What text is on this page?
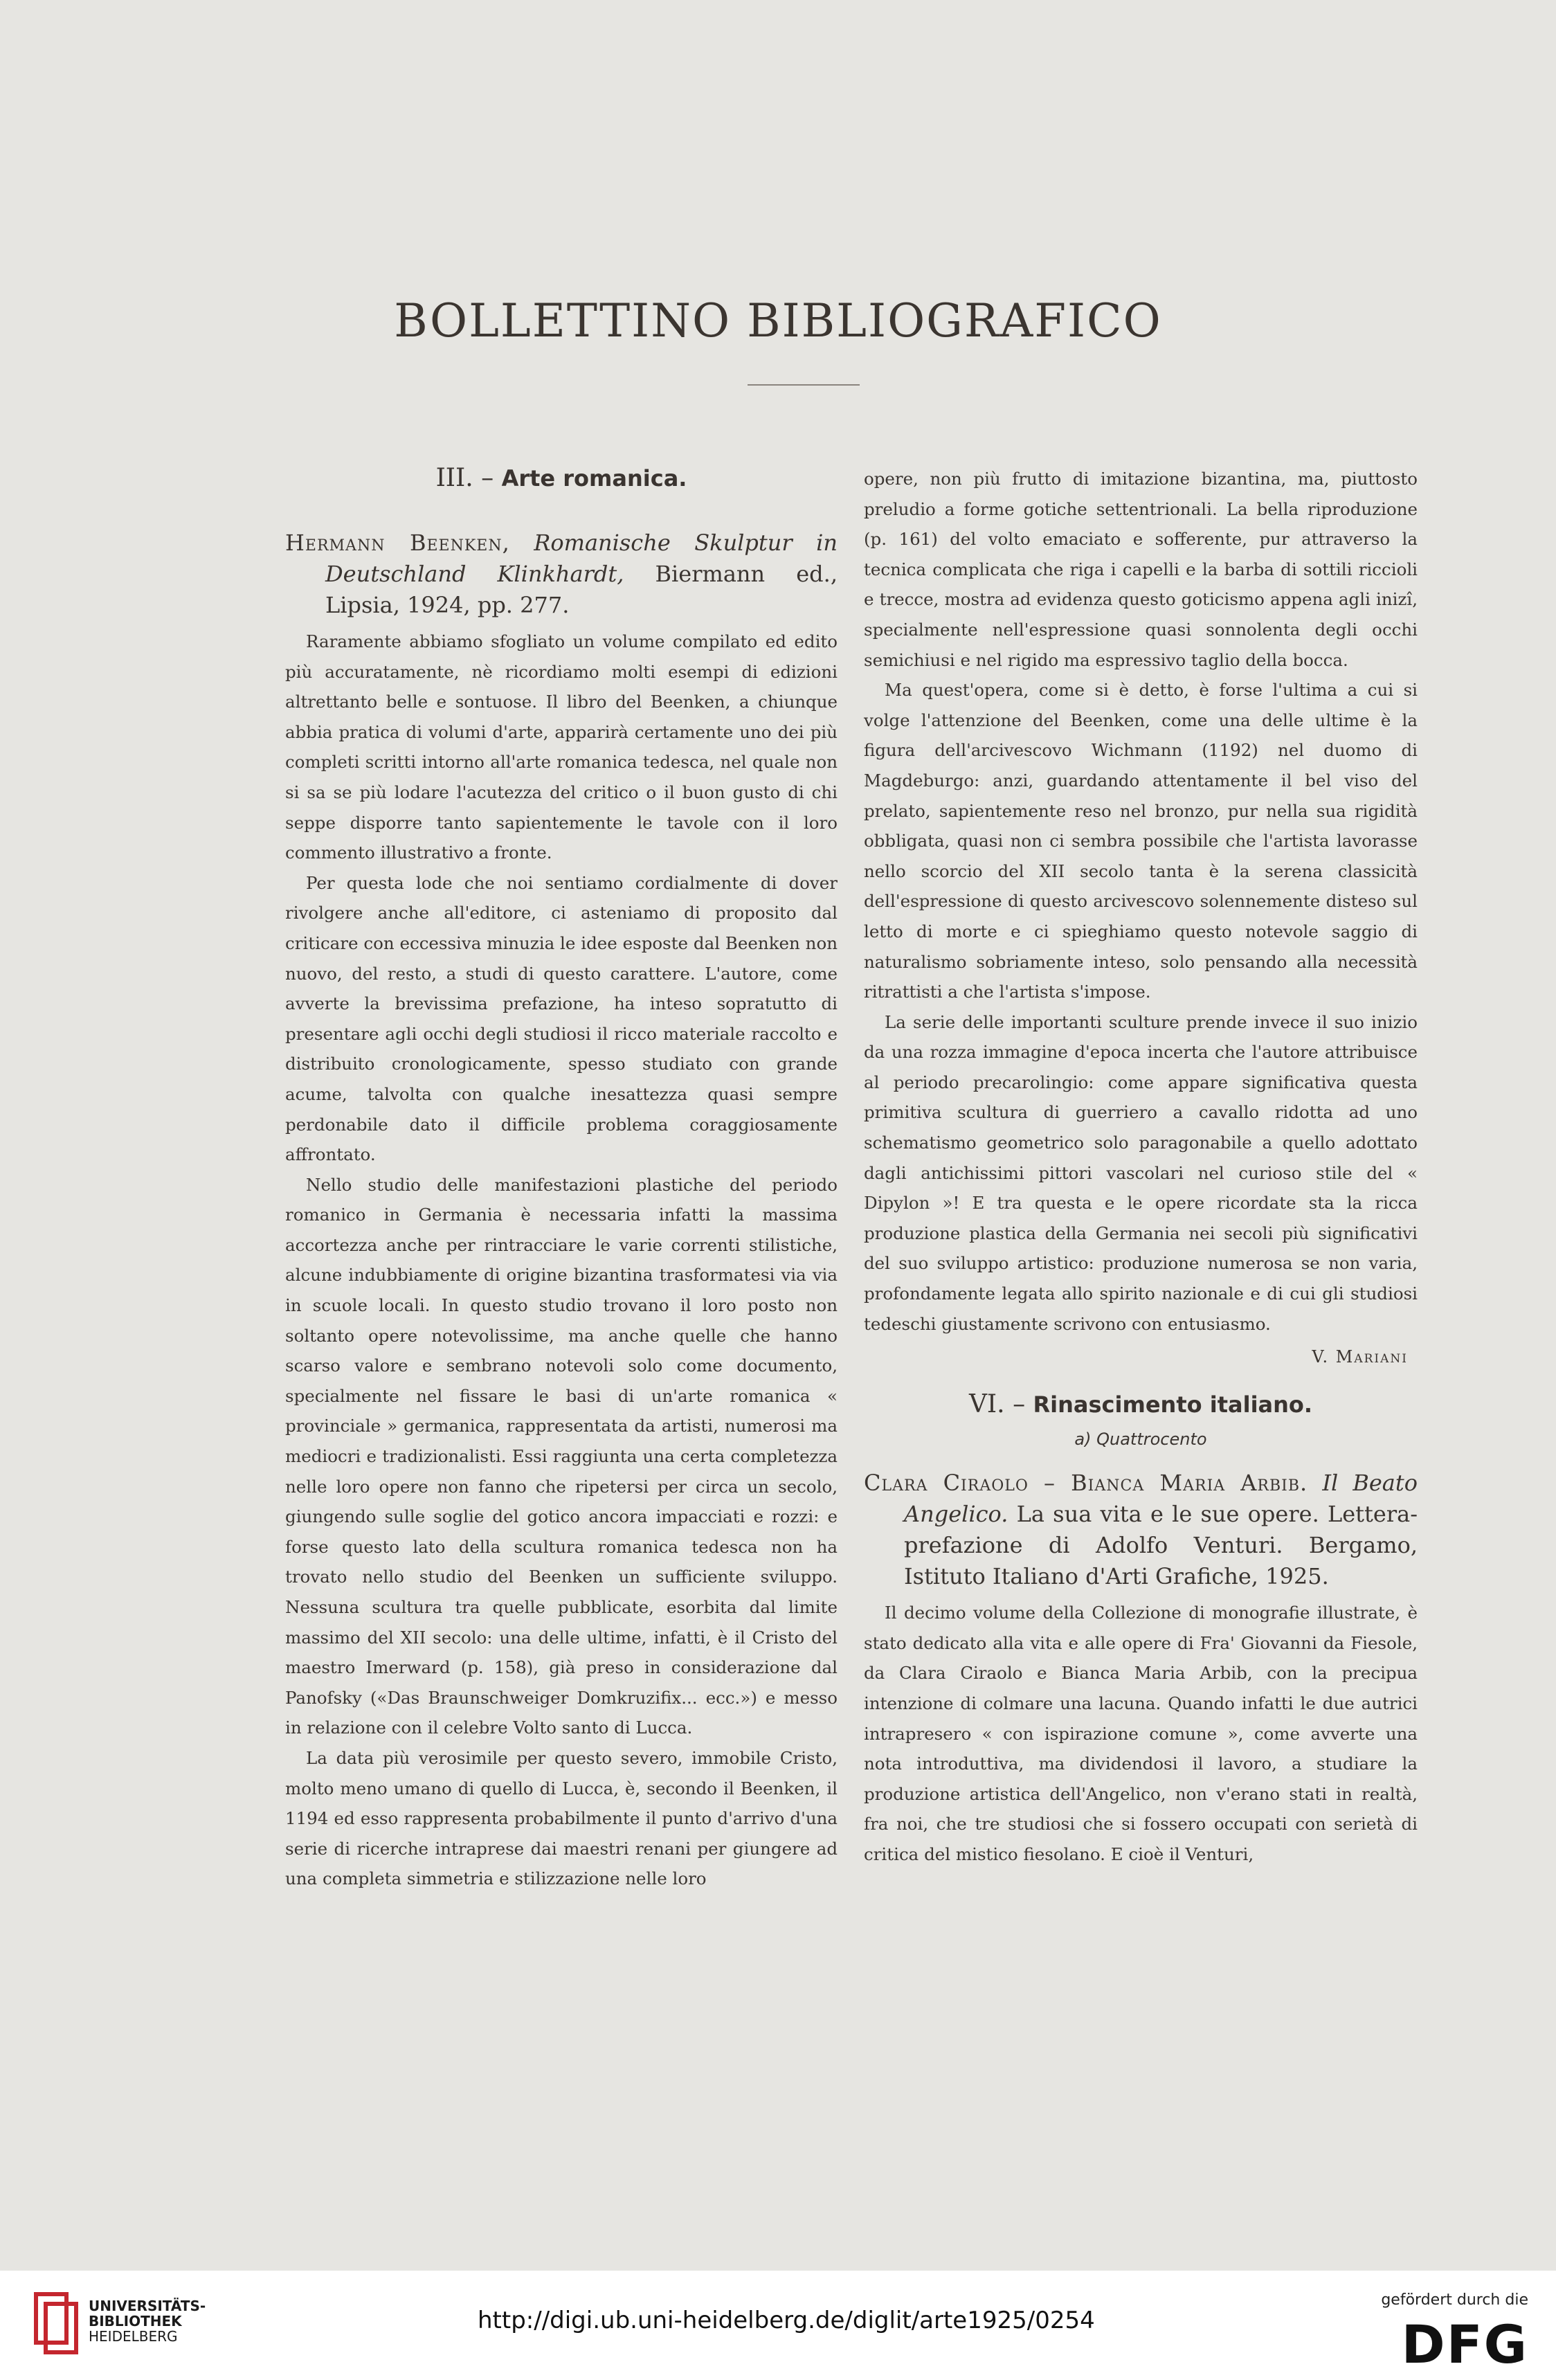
BOLLETTINO BIBLIOGRAFICO
III. – Arte romanica.

Hermann Beenken, Romanische Skulptur in Deutschland Klinkhardt, Biermann ed., Lipsia, 1924, pp. 277.

Raramente abbiamo sfogliato un volume compilato ed edito più accuratamente, nè ricordiamo molti esempi di edizioni altrettanto belle e sontuose. Il libro del Beenken, a chiunque abbia pratica di volumi d'arte, apparirà certamente uno dei più completi scritti intorno all'arte romanica tedesca, nel quale non si sa se più lodare l'acutezza del critico o il buon gusto di chi seppe disporre tanto sapientemente le tavole con il loro commento illustrativo a fronte.

Per questa lode che noi sentiamo cordialmente di dover rivolgere anche all'editore, ci asteniamo di proposito dal criticare con eccessiva minuzia le idee esposte dal Beenken non nuovo, del resto, a studi di questo carattere. L'autore, come avverte la brevissima prefazione, ha inteso sopratutto di presentare agli occhi degli studiosi il ricco materiale raccolto e distribuito cronologicamente, spesso studiato con grande acume, talvolta con qualche inesattezza quasi sempre perdonabile dato il difficile problema coraggiosamente affrontato.

Nello studio delle manifestazioni plastiche del periodo romanico in Germania è necessaria infatti la massima accortezza anche per rintracciare le varie correnti stilistiche, alcune indubbiamente di origine bizantina trasformatesi via via in scuole locali. In questo studio trovano il loro posto non soltanto opere notevolissime, ma anche quelle che hanno scarso valore e sembrano notevoli solo come documento, specialmente nel fissare le basi di un'arte romanica « provinciale » germanica, rappresentata da artisti, numerosi ma mediocri e tradizionalisti. Essi raggiunta una certa completezza nelle loro opere non fanno che ripetersi per circa un secolo, giungendo sulle soglie del gotico ancora impacciati e rozzi: e forse questo lato della scultura romanica tedesca non ha trovato nello studio del Beenken un sufficiente sviluppo. Nessuna scultura tra quelle pubblicate, esorbita dal limite massimo del XII secolo: una delle ultime, infatti, è il Cristo del maestro Imerward (p. 158), già preso in considerazione dal Panofsky («Das Braunschweiger Domkruzifix... ecc.») e messo in relazione con il celebre Volto santo di Lucca.

La data più verosimile per questo severo, immobile Cristo, molto meno umano di quello di Lucca, è, secondo il Beenken, il 1194 ed esso rappresenta probabilmente il punto d'arrivo d'una serie di ricerche intraprese dai maestri renani per giungere ad una completa simmetria e stilizzazione nelle loro

opere, non più frutto di imitazione bizantina, ma, piuttosto preludio a forme gotiche settentrionali. La bella riproduzione (p. 161) del volto emaciato e sofferente, pur attraverso la tecnica complicata che riga i capelli e la barba di sottili riccioli e trecce, mostra ad evidenza questo goticismo appena agli inizî, specialmente nell'espressione quasi sonnolenta degli occhi semichiusi e nel rigido ma espressivo taglio della bocca.

Ma quest'opera, come si è detto, è forse l'ultima a cui si volge l'attenzione del Beenken, come una delle ultime è la figura dell'arcivescovo Wichmann (1192) nel duomo di Magdeburgo: anzi, guardando attentamente il bel viso del prelato, sapientemente reso nel bronzo, pur nella sua rigidità obbligata, quasi non ci sembra possibile che l'artista lavorasse nello scorcio del XII secolo tanta è la serena classicità dell'espressione di questo arcivescovo solennemente disteso sul letto di morte e ci spieghiamo questo notevole saggio di naturalismo sobriamente inteso, solo pensando alla necessità ritrattisti a che l'artista s'impose.

La serie delle importanti sculture prende invece il suo inizio da una rozza immagine d'epoca incerta che l'autore attribuisce al periodo precarolingio: come appare significativa questa primitiva scultura di guerriero a cavallo ridotta ad uno schematismo geometrico solo paragonabile a quello adottato dagli antichissimi pittori vascolari nel curioso stile del « Dipylon »! E tra questa e le opere ricordate sta la ricca produzione plastica della Germania nei secoli più significativi del suo sviluppo artistico: produzione numerosa se non varia, profondamente legata allo spirito nazionale e di cui gli studiosi tedeschi giustamente scrivono con entusiasmo.

V. Mariani
VI. – Rinascimento italiano.
a) Quattrocento

Clara Ciraolo – Bianca Maria Arbib. Il Beato Angelico. La sua vita e le sue opere. Lettera-prefazione di Adolfo Venturi. Bergamo, Istituto Italiano d'Arti Grafiche, 1925.

Il decimo volume della Collezione di monografie illustrate, è stato dedicato alla vita e alle opere di Fra' Giovanni da Fiesole, da Clara Ciraolo e Bianca Maria Arbib, con la precipua intenzione di colmare una lacuna. Quando infatti le due autrici intrapresero « con ispirazione comune », come avverte una nota introduttiva, ma dividendosi il lavoro, a studiare la produzione artistica dell'Angelico, non v'erano stati in realtà, fra noi, che tre studiosi che si fossero occupati con serietà di critica del mistico fiesolano. E cioè il Venturi,

UNIVERSITÄTS-
BIBLIOTHEK
HEIDELBERG
http://digi.ub.uni-heidelberg.de/diglit/arte1925/0254
gefördert durch die
DFG
